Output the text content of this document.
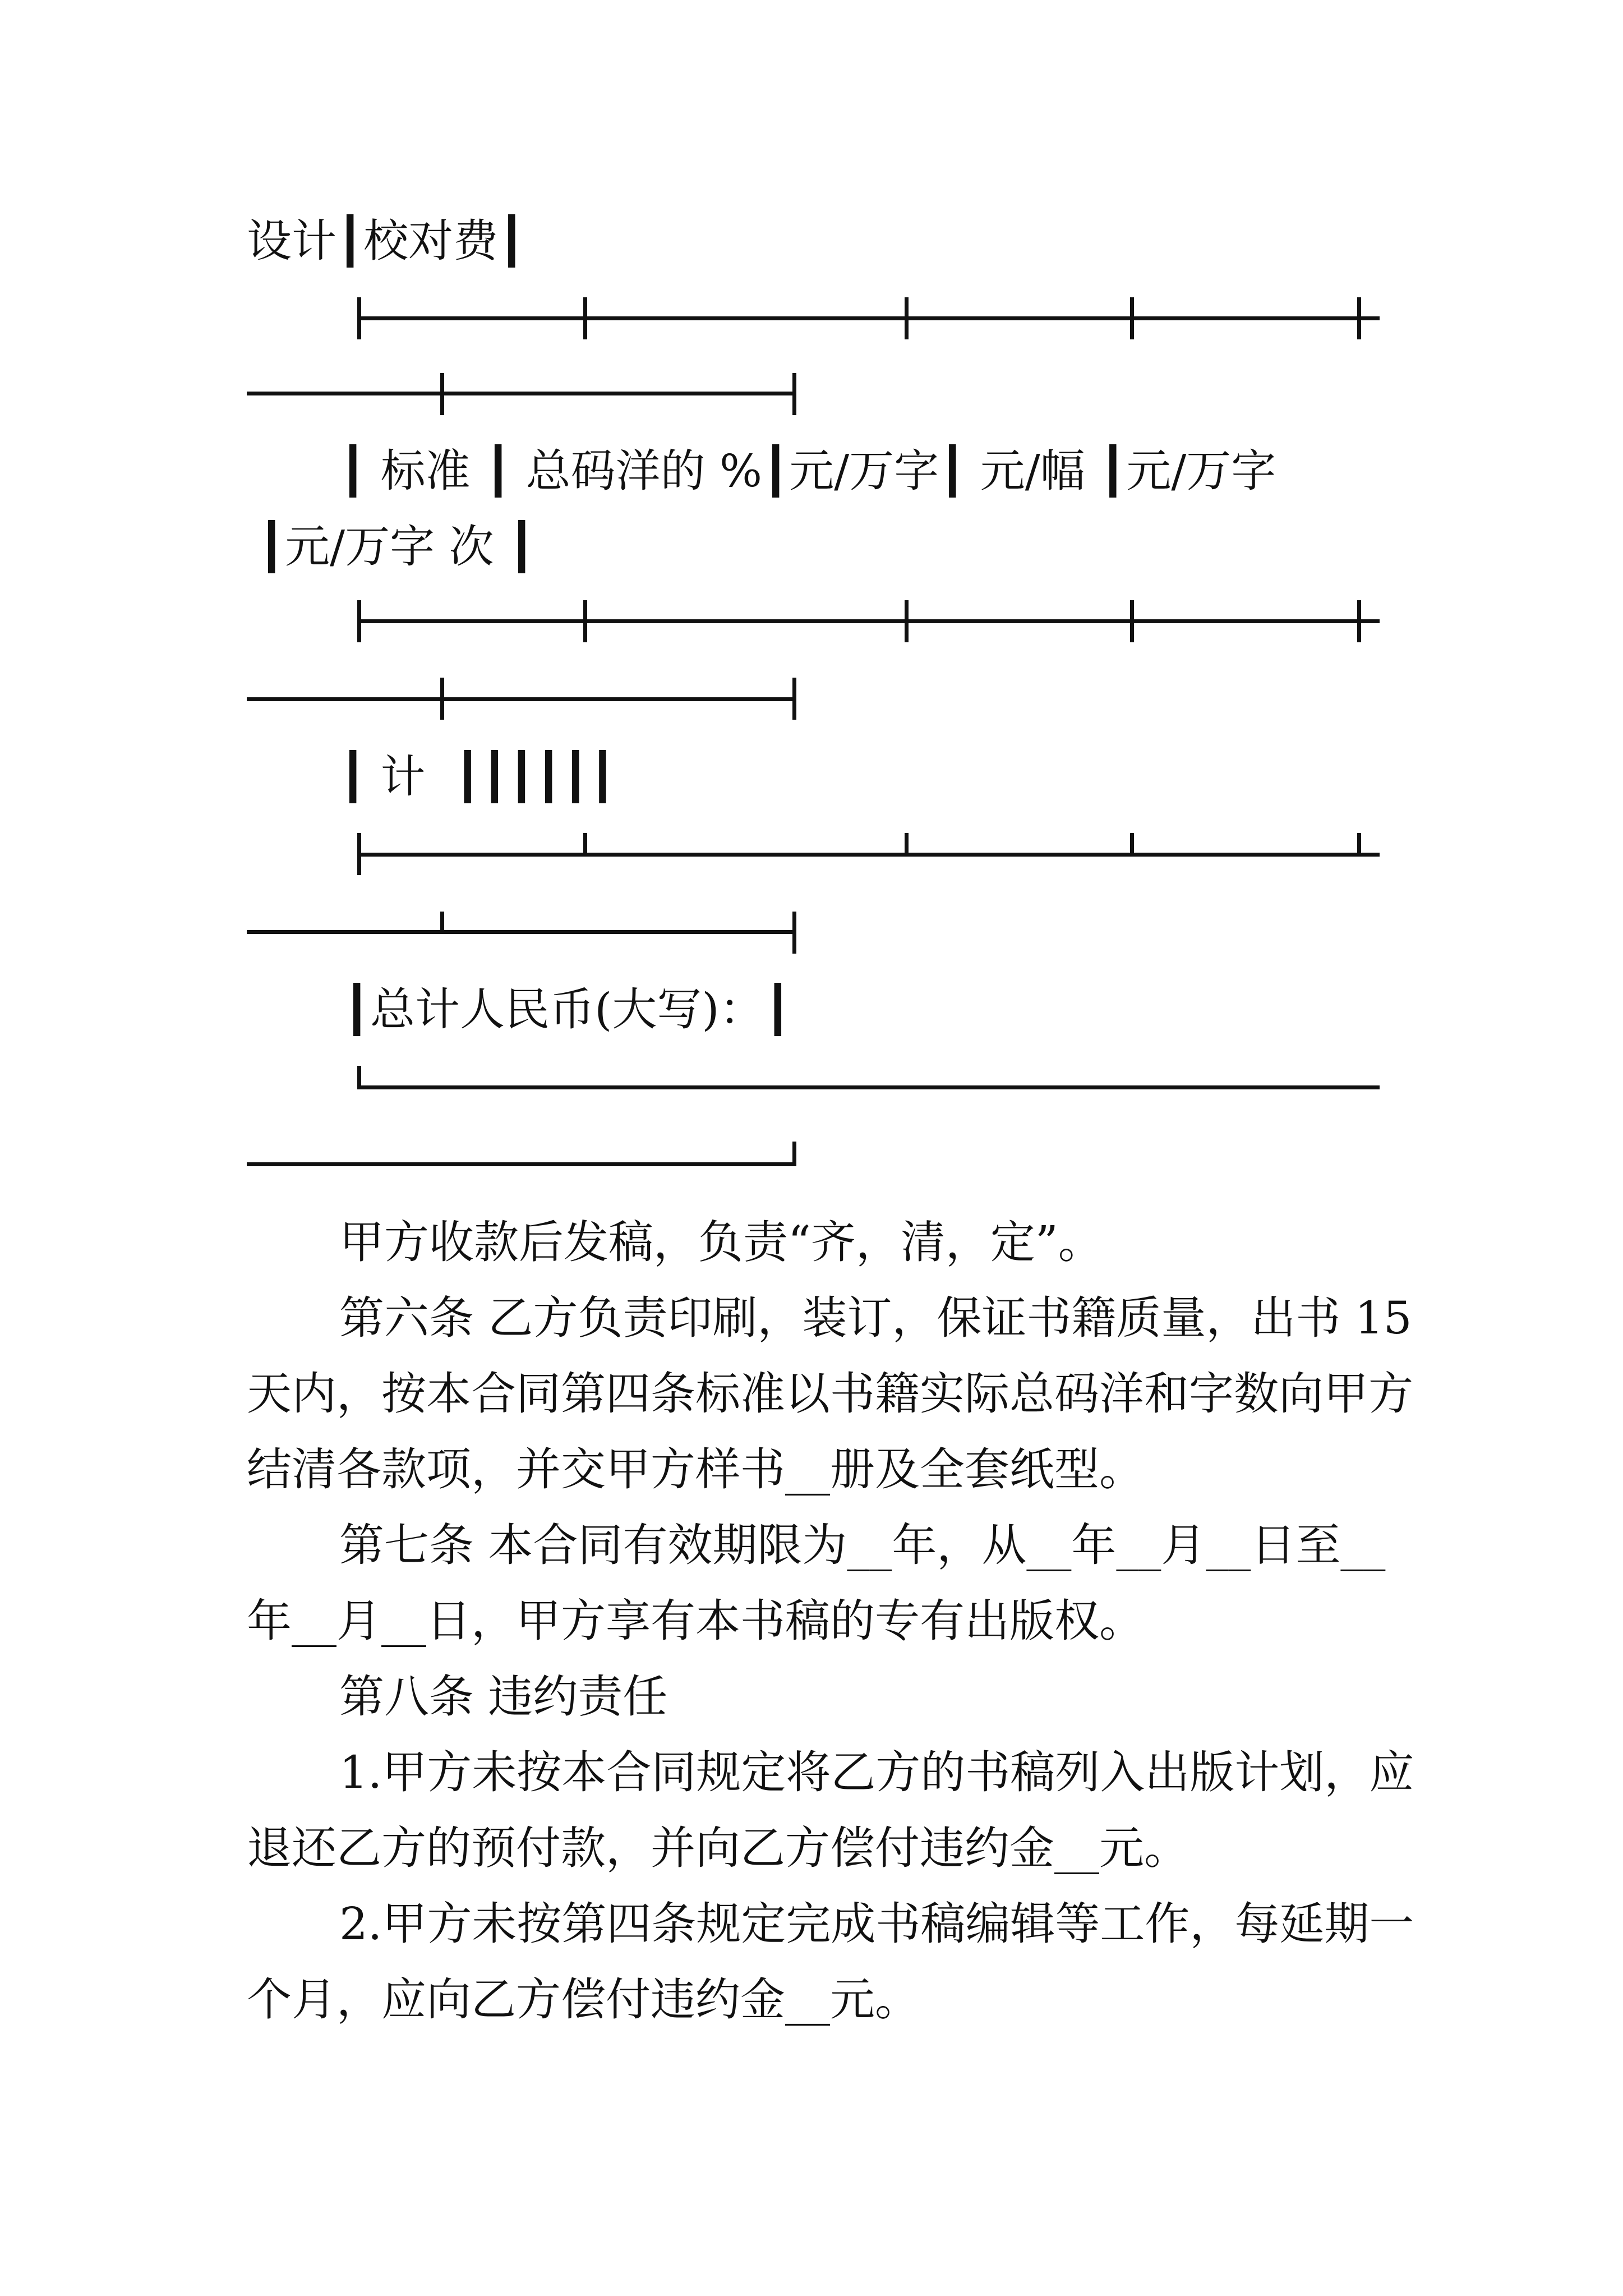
设计┃校对费┃
┃ 标准 ┃ 总码洋的 %┃元/万字┃ 元/幅 ┃元/万字
┃元/万字 次 ┃
┃ 计  ┃┃┃┃┃┃
┃总计人民币(大写)：┃
甲方收款后发稿，负责“齐，清，定”。
第六条 乙方负责印刷，装订，保证书籍质量，出书 15
天内，按本合同第四条标准以书籍实际总码洋和字数向甲方
结清各款项，并交甲方样书__册及全套纸型。
第七条 本合同有效期限为__年，从__年__月__日至__
年__月__日，甲方享有本书稿的专有出版权。
第八条 违约责任
1.甲方未按本合同规定将乙方的书稿列入出版计划，应
退还乙方的预付款，并向乙方偿付违约金__元。
2.甲方未按第四条规定完成书稿编辑等工作，每延期一
个月，应向乙方偿付违约金__元。
